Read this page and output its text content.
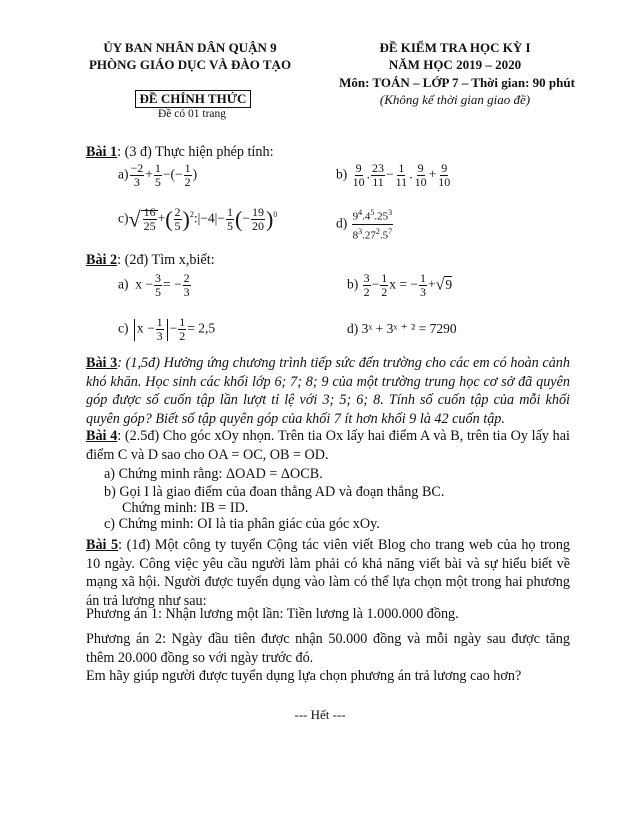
ỦY BAN NHÂN DÂN QUẬN 9
PHÒNG GIÁO DỤC VÀ ĐÀO TẠO
ĐỀ CHÍNH THỨC
Đề có 01 trang
ĐỀ KIỂM TRA HỌC KỲ I
NĂM HỌC 2019 – 2020
Môn: TOÁN – LỚP 7 – Thời gian: 90 phút
(Không kể thời gian giao đề)
Bài 1: (3 đ) Thực hiện phép tính:
$a) \frac{-2}{3} + \frac{1}{5}$ −(− $\frac{1}{2}$ )	$b) \frac{9}{10}$ . $\frac{23}{11} - \frac{1}{11}$ . $\frac{9}{10} + \frac{9}{10}$
$c)√ \frac{16}{25}$ +( $\frac{2}{5}$ )$^2$:|−4|− $\frac{1}{5}$ (− $\frac{19}{20} )^0$
$d) \frac{9^4.4^5.25^3}{8^3.27^2.5^7}$
Bài 2: (2đ) Tìm x,biết:
a)  $x - \frac{3}{5}$ = − $\frac{2}{3}$	$b) \frac{3}{2} - \frac{1}{2}$ x = − $\frac{1}{3} +√9$
c) $x - \frac{1}{3} - \frac{1}{2} = 2,5$	d) 3ˣ + 3ˣ ⁺ ² = 7290
Bài 3: (1,5đ) Hưởng ứng chương trình tiếp sức đến trường cho các em có hoàn cảnh khó khăn. Học sinh các khối lớp 6; 7; 8; 9 của một trường trung học cơ sở đã quyên góp được số cuốn tập lần lượt tỉ lệ với 3; 5; 6; 8. Tính số cuốn tập của mỗi khối quyên góp? Biết số tập quyên góp của khối 7 ít hơn khối 9 là 42 cuốn tập.
Bài 4: (2.5đ) Cho góc xOy nhọn. Trên tia Ox lấy hai điểm A và B, trên tia Oy lấy hai điểm C và D sao cho OA = OC, OB = OD.
a) Chứng minh rằng: ΔOAD = ΔOCB.
b) Gọi I là giao điểm của đoan thẳng AD và đoạn thẳng BC.
Chứng minh: IB = ID.
c) Chứng minh: OI là tia phân giác của góc xOy.
Bài 5: (1đ) Một công ty tuyển Cộng tác viên viết Blog cho trang web của họ trong 10 ngày. Công việc yêu cầu người làm phải có khả năng viết bài và sự hiểu biết về mạng xã hội. Người được tuyển dụng vào làm có thể lựa chọn một trong hai phương án trả lương như sau:
Phương án 1: Nhận lương một lần: Tiền lương là 1.000.000 đồng.
Phương án 2: Ngày đầu tiên được nhận 50.000 đồng và mỗi ngày sau được tăng thêm 20.000 đồng so với ngày trước đó.
Em hãy giúp người được tuyển dụng lựa chọn phương án trả lương cao hơn?
--- Hết ---
